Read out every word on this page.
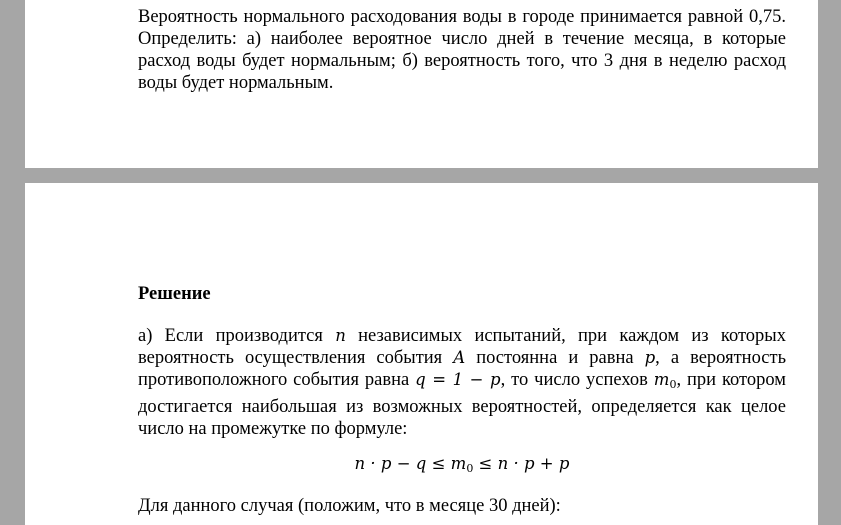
Вероятность нормального расходования воды в городе принимается равной 0,75. Определить: а) наиболее вероятное число дней в течение месяца, в которые расход воды будет нормальным; б) вероятность того, что 3 дня в неделю расход воды будет нормальным.

Решение

а) Если производится n независимых испытаний, при каждом из которых вероятность осуществления события A постоянна и равна p, а вероятность противоположного события равна q = 1 − p, то число успехов $m_0$, при котором достигается наибольшая из возможных вероятностей, определяется как целое число на промежутке по формуле:

$n \cdot p - q \le m_0 \le n \cdot p + p$

Для данного случая (положим, что в месяце 30 дней):
